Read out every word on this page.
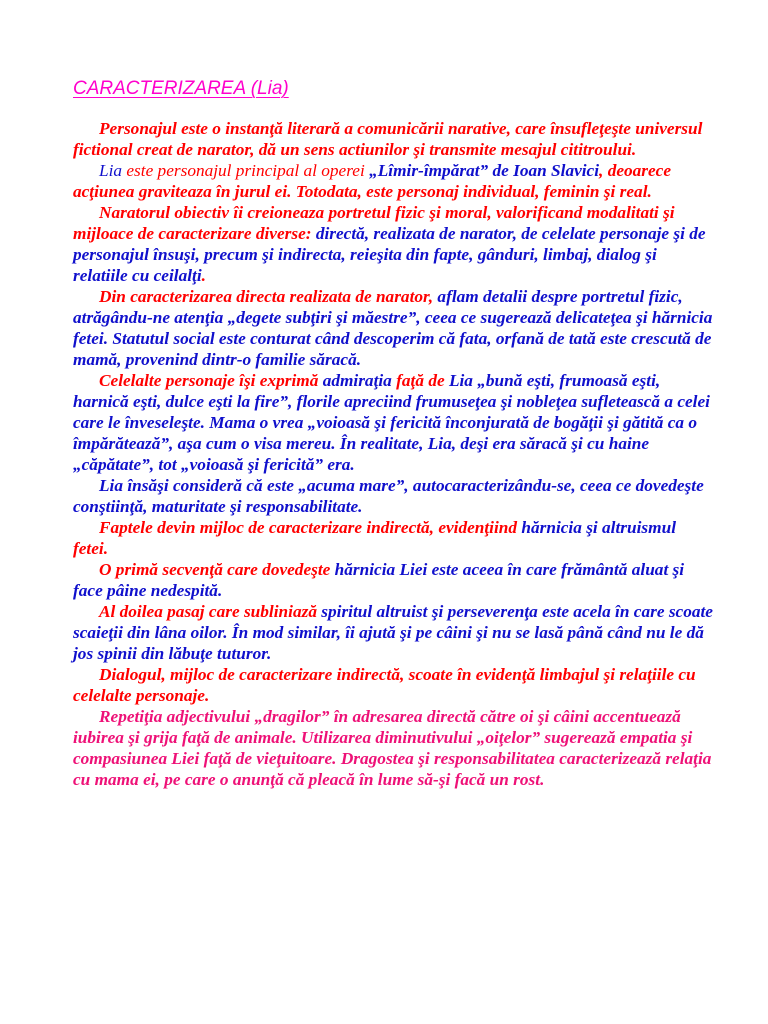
CARACTERIZAREA (Lia)

Personajul este o instanţă literară a comunicării narative, care însufleţeşte universul fictional creat de narator, dă un sens actiunilor şi transmite mesajul cititroului.

Lia este personajul principal al operei „Lîmir-împărat” de Ioan Slavici, deoarece acţiunea graviteaza în jurul ei. Totodata, este personaj individual, feminin şi real.

Naratorul obiectiv îi creioneaza portretul fizic şi moral, valorificand modalitati şi mijloace de caracterizare diverse: directă, realizata de narator, de celelate personaje şi de personajul însuşi, precum şi indirecta, reieşita din fapte, gânduri, limbaj, dialog şi relatiile cu ceilalţi.

Din caracterizarea directa realizata de narator, aflam detalii despre portretul fizic, atrăgându-ne atenţia „degete subţiri şi măestre”, ceea ce sugerează delicateţea şi hărnicia fetei. Statutul social este conturat când descoperim că fata, orfană de tată este crescută de mamă, provenind dintr-o familie săracă.

Celelalte personaje îşi exprimă admiraţia faţă de Lia „bună eşti, frumoasă eşti, harnică eşti, dulce eşti la fire”, florile apreciind frumuseţea şi nobleţea sufletească a celei care le înveseleşte. Mama o vrea „voioasă şi fericită înconjurată de bogăţii şi gătită ca o împărătează”, aşa cum o visa mereu. În realitate, Lia, deşi era săracă şi cu haine „căpătate”, tot „voioasă şi fericită” era.

Lia însăşi consideră că este „acuma mare”, autocaracterizându-se, ceea ce dovedeşte conştiinţă, maturitate şi responsabilitate.

Faptele devin mijloc de caracterizare indirectă, evidenţiind hărnicia şi altruismul fetei.

O primă secvenţă care dovedeşte hărnicia Liei este aceea în care frământă aluat şi face pâine nedespită.

Al doilea pasaj care subliniază spiritul altruist şi perseverenţa este acela în care scoate scaieţii din lâna oilor. În mod similar, îi ajută şi pe câini şi nu se lasă până când nu le dă jos spinii din lăbuţe tuturor.

Dialogul, mijloc de caracterizare indirectă, scoate în evidenţă limbajul şi relaţiile cu celelalte personaje.

Repetiţia adjectivului „dragilor” în adresarea directă către oi şi câini accentuează iubirea şi grija faţă de animale. Utilizarea diminutivului „oiţelor” sugerează empatia şi compasiunea Liei faţă de vieţuitoare. Dragostea şi responsabilitatea caracterizează relaţia cu mama ei, pe care o anunţă că pleacă în lume să-şi facă un rost.
